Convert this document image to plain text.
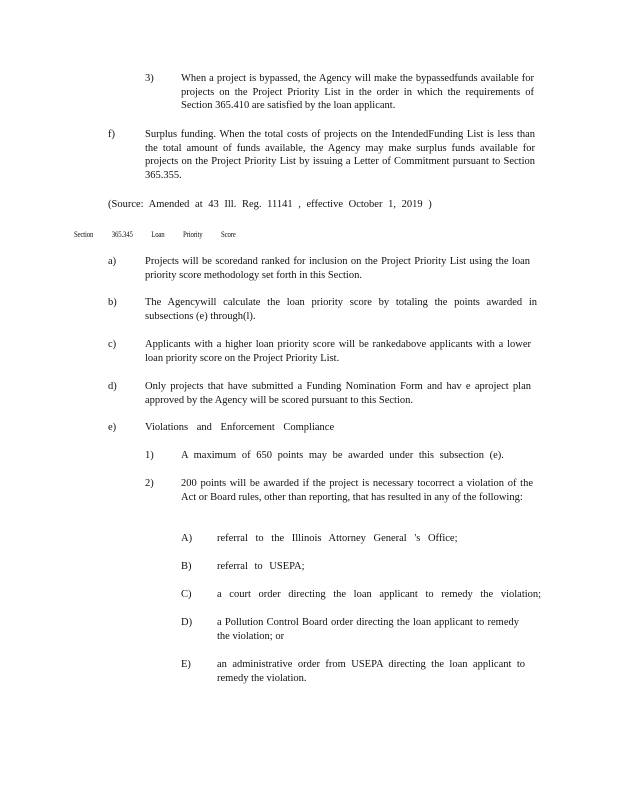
3)	When a project is bypassed, the Agency will make the bypassedfunds available for projects on the Project Priority List in the order in which the requirements of Section 365.410 are satisfied by the loan applicant.

f)	Surplus funding. When the total costs of projects on the IntendedFunding List is less than the total amount of funds available, the Agency may make surplus funds available for projects on the Project Priority List by issuing a Letter of Commitment pursuant to Section 365.355.

(Source: Amended at 43 Ill. Reg. 11141 , effective October 1, 2019 )

Section 365.345 Loan Priority Score
a)	Projects will be scoredand ranked for inclusion on the Project Priority List using the loan priority score methodology set forth in this Section.

b)	The Agencywill calculate the loan priority score by totaling the points awarded in subsections (e) through(l).

c)	Applicants with a higher loan priority score will be rankedabove applicants with a lower loan priority score on the Project Priority List.

d)	Only projects that have submitted a Funding Nomination Form and hav e aproject plan approved by the Agency will be scored pursuant to this Section.

e)	Violations and Enforcement Compliance

1)	A maximum of 650 points may be awarded under this subsection (e).

2)	200 points will be awarded if the project is necessary tocorrect a violation of the Act or Board rules, other than reporting, that has resulted in any of the following:

A) referral to the Illinois Attorney General 's Office;

B) referral to USEPA;

C) a court order directing the loan applicant to remedy the violation;

D) a Pollution Control Board order directing the loan applicant to remedy the violation; or

E) an administrative order from USEPA directing the loan applicant to remedy the violation.
